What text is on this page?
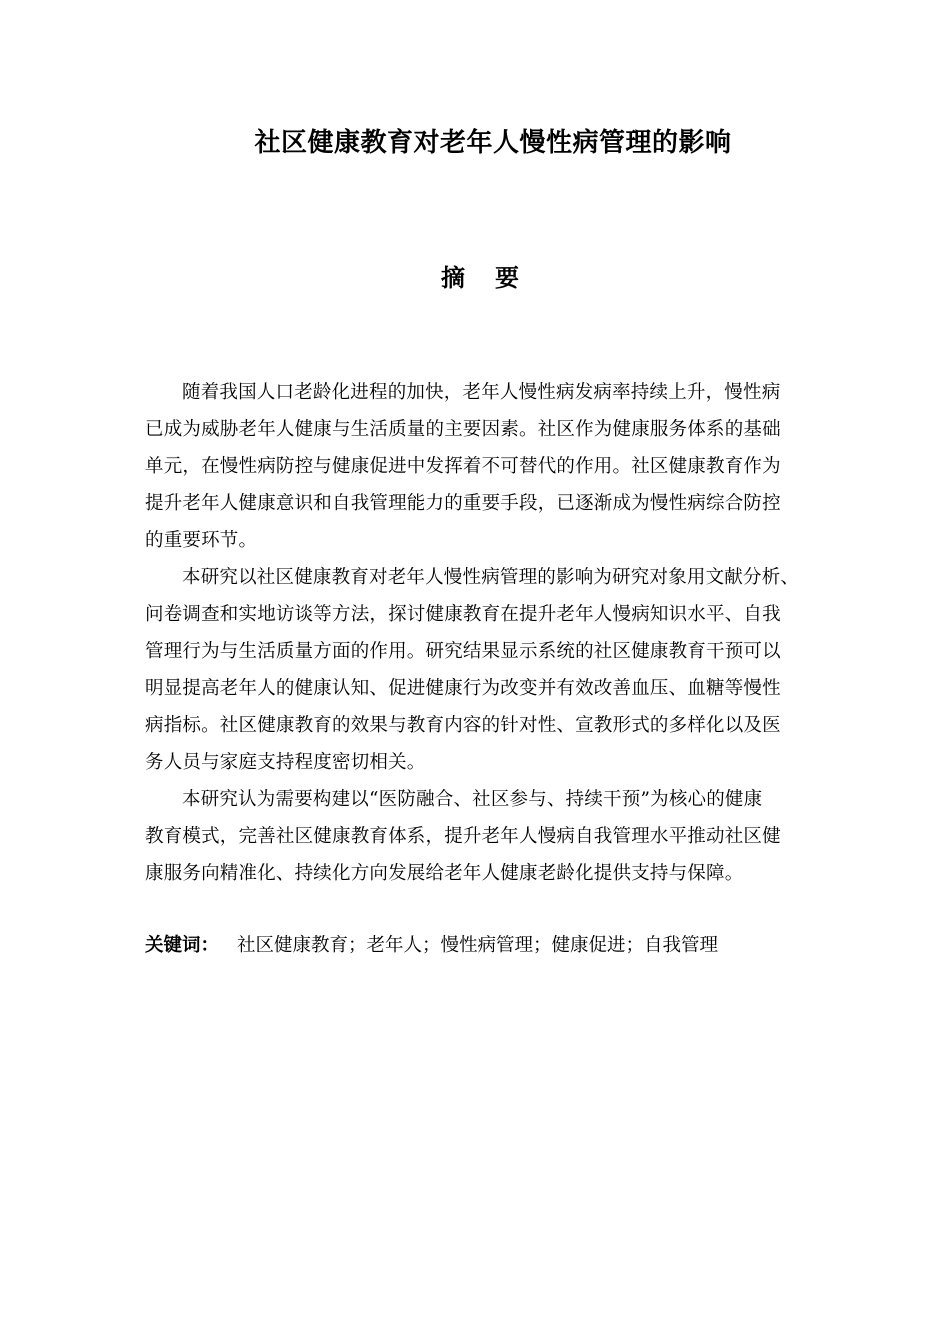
社区健康教育对老年人慢性病管理的影响
摘要
随着我国人口老龄化进程的加快，老年人慢性病发病率持续上升，慢性病
已成为威胁老年人健康与生活质量的主要因素。社区作为健康服务体系的基础
单元，在慢性病防控与健康促进中发挥着不可替代的作用。社区健康教育作为
提升老年人健康意识和自我管理能力的重要手段，已逐渐成为慢性病综合防控
的重要环节。
本研究以社区健康教育对老年人慢性病管理的影响为研究对象用文献分析、
问卷调查和实地访谈等方法，探讨健康教育在提升老年人慢病知识水平、自我
管理行为与生活质量方面的作用。研究结果显示系统的社区健康教育干预可以
明显提高老年人的健康认知、促进健康行为改变并有效改善血压、血糖等慢性
病指标。社区健康教育的效果与教育内容的针对性、宣教形式的多样化以及医
务人员与家庭支持程度密切相关。
本研究认为需要构建以“医防融合、社区参与、持续干预”为核心的健康
教育模式，完善社区健康教育体系，提升老年人慢病自我管理水平推动社区健
康服务向精准化、持续化方向发展给老年人健康老龄化提供支持与保障。
关键词： 社区健康教育；老年人；慢性病管理；健康促进；自我管理
